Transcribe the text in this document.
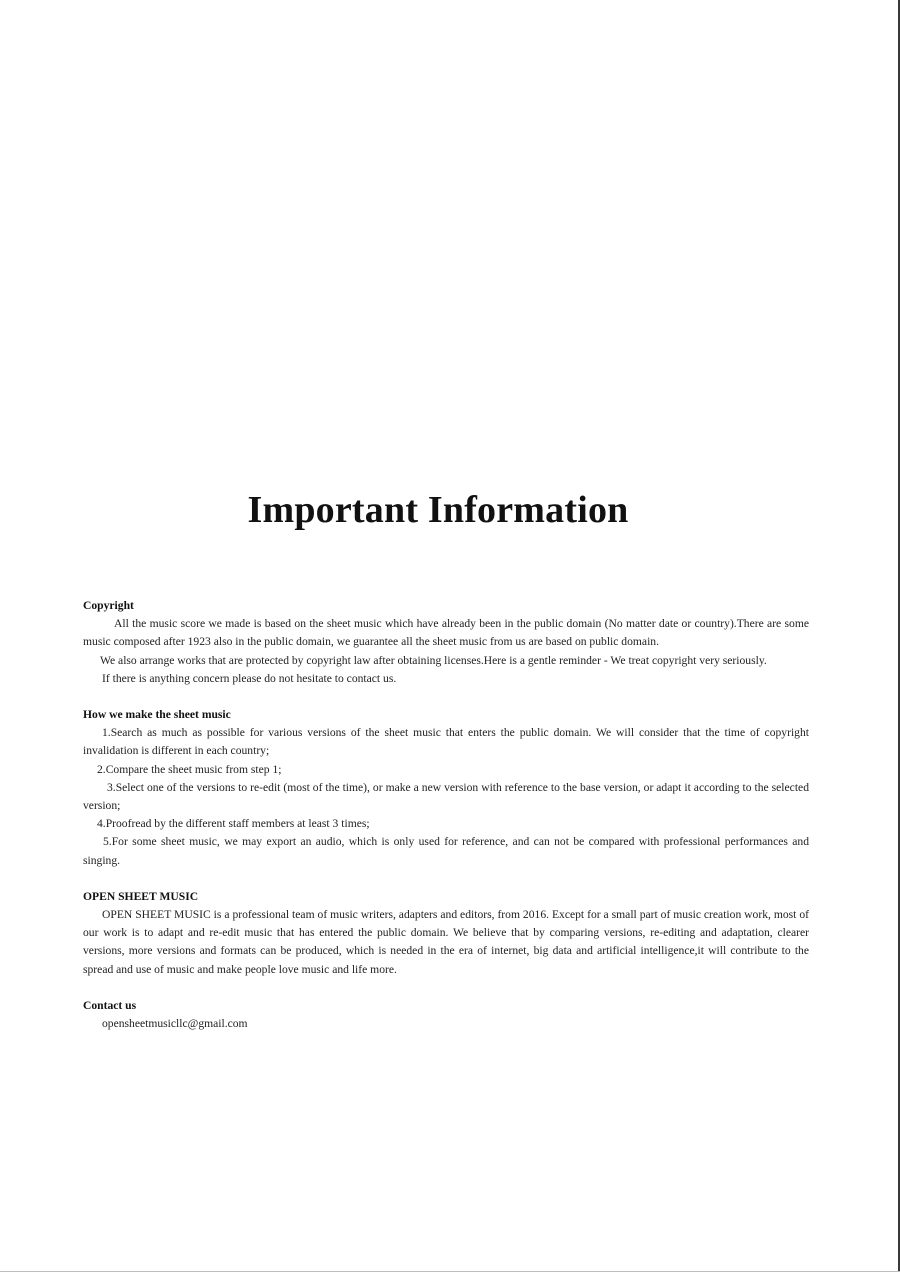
Important Information

Copyright

All the music score we made is based on the sheet music which have already been in the public domain (No matter date or country).There are some music composed after 1923 also in the public domain, we guarantee all the sheet music from us are based on public domain.

We also arrange works that are protected by copyright law after obtaining licenses.Here is a gentle reminder - We treat copyright very seriously.

If there is anything concern please do not hesitate to contact us.

How we make the sheet music

1.Search as much as possible for various versions of the sheet music that enters the public domain. We will consider that the time of copyright invalidation is different in each country;

2.Compare the sheet music from step 1;

3.Select one of the versions to re-edit (most of the time), or make a new version with reference to the base version, or adapt it according to the selected version;

4.Proofread by the different staff members at least 3 times;

5.For some sheet music, we may export an audio, which is only used for reference, and can not be compared with professional performances and singing.

OPEN SHEET MUSIC

OPEN SHEET MUSIC is a professional team of music writers, adapters and editors, from 2016. Except for a small part of music creation work, most of our work is to adapt and re-edit music that has entered the public domain. We believe that by comparing versions, re-editing and adaptation, clearer versions, more versions and formats can be produced, which is needed in the era of internet, big data and artificial intelligence,it will contribute to the spread and use of music and make people love music and life more.

Contact us

opensheetmusicllc@gmail.com
